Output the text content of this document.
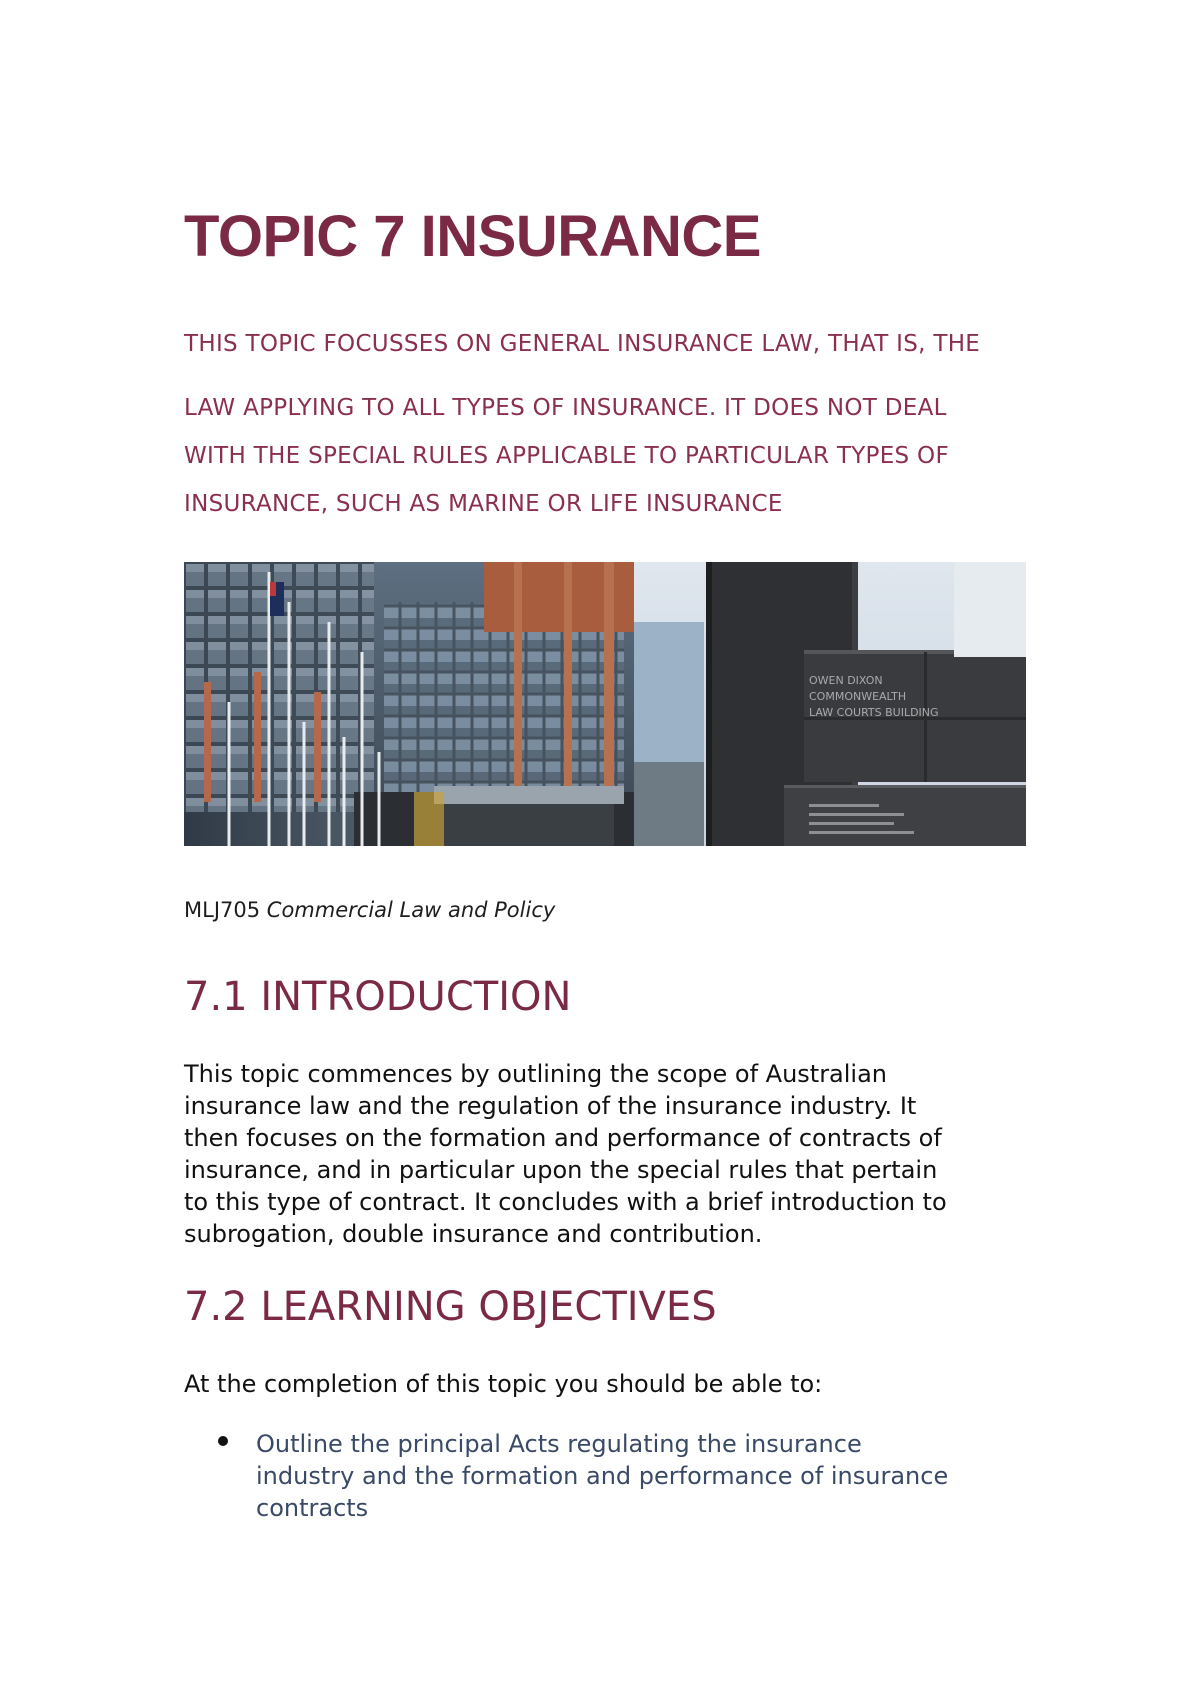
TOPIC 7 INSURANCE

THIS TOPIC FOCUSSES ON GENERAL INSURANCE LAW, THAT IS, THE
LAW APPLYING TO ALL TYPES OF INSURANCE. IT DOES NOT DEAL
WITH THE SPECIAL RULES APPLICABLE TO PARTICULAR TYPES OF
INSURANCE, SUCH AS MARINE OR LIFE INSURANCE

OWEN DIXON
COMMONWEALTH
LAW COURTS BUILDING

MLJ705 Commercial Law and Policy

7.1 INTRODUCTION

This topic commences by outlining the scope of Australian
insurance law and the regulation of the insurance industry. It
then focuses on the formation and performance of contracts of
insurance, and in particular upon the special rules that pertain
to this type of contract. It concludes with a brief introduction to
subrogation, double insurance and contribution.

7.2 LEARNING OBJECTIVES

At the completion of this topic you should be able to:

Outline the principal Acts regulating the insurance
industry and the formation and performance of insurance
contracts
